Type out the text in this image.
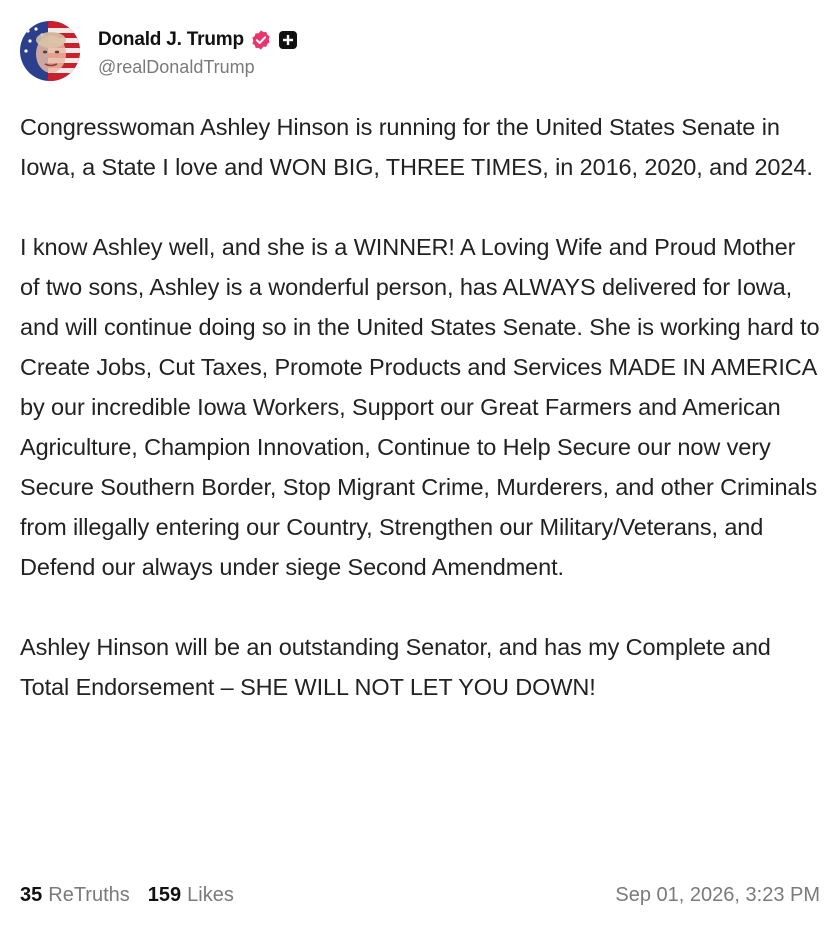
Donald J. Trump
@realDonaldTrump

Congresswoman Ashley Hinson is running for the United States Senate in Iowa, a State I love and WON BIG, THREE TIMES, in 2016, 2020, and 2024.

I know Ashley well, and she is a WINNER! A Loving Wife and Proud Mother of two sons, Ashley is a wonderful person, has ALWAYS delivered for Iowa, and will continue doing so in the United States Senate. She is working hard to Create Jobs, Cut Taxes, Promote Products and Services MADE IN AMERICA by our incredible Iowa Workers, Support our Great Farmers and American Agriculture, Champion Innovation, Continue to Help Secure our now very Secure Southern Border, Stop Migrant Crime, Murderers, and other Criminals from illegally entering our Country, Strengthen our Military/Veterans, and Defend our always under siege Second Amendment.

Ashley Hinson will be an outstanding Senator, and has my Complete and Total Endorsement – SHE WILL NOT LET YOU DOWN!

35 ReTruths 159 Likes	Sep 01, 2026, 3:23 PM
